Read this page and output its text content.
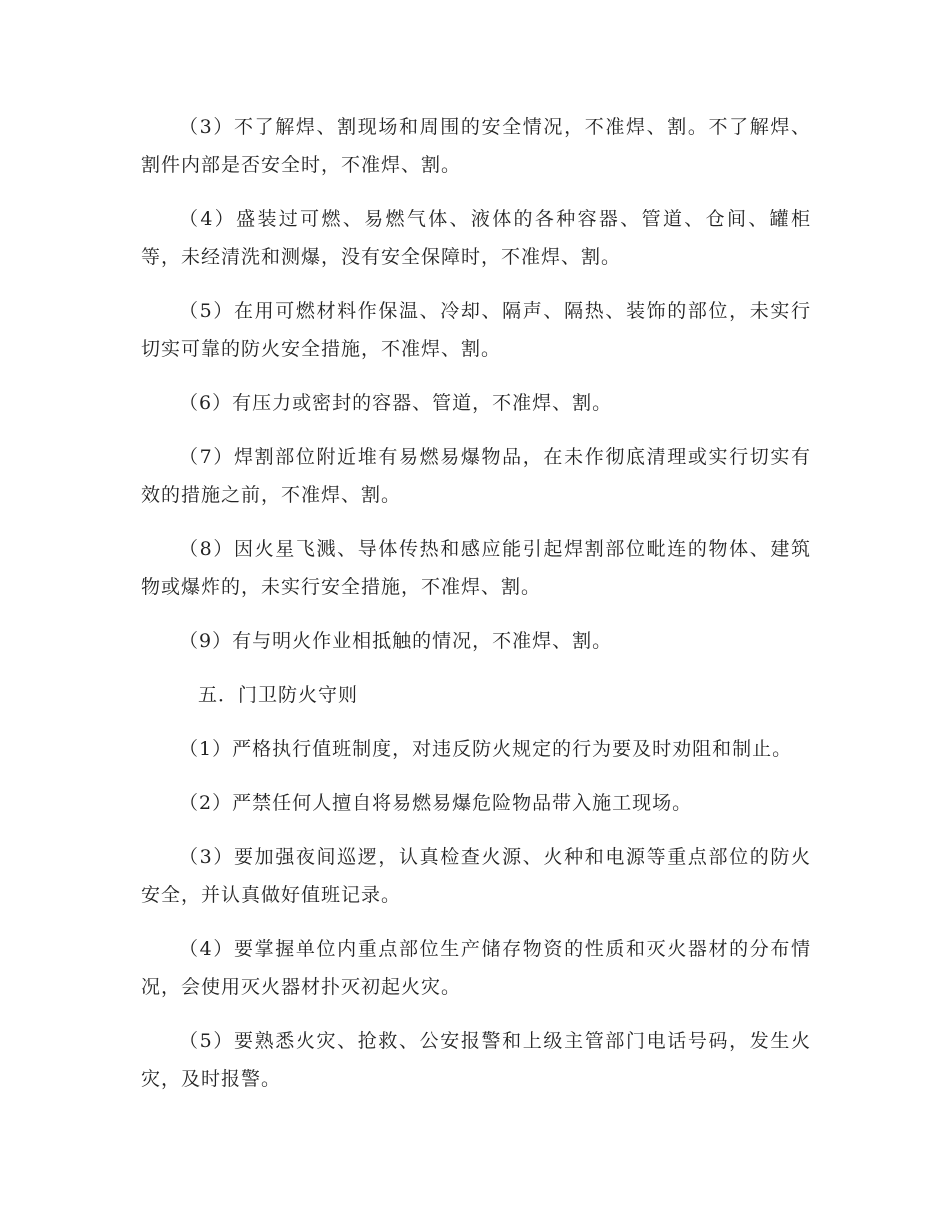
（3）不了解焊、割现场和周围的安全情况，不准焊、割。不了解焊、割件内部是否安全时，不准焊、割。

（4）盛装过可燃、易燃气体、液体的各种容器、管道、仓间、罐柜等，未经清洗和测爆，没有安全保障时，不准焊、割。

（5）在用可燃材料作保温、冷却、隔声、隔热、装饰的部位，未实行切实可靠的防火安全措施，不准焊、割。

（6）有压力或密封的容器、管道，不准焊、割。

（7）焊割部位附近堆有易燃易爆物品，在未作彻底清理或实行切实有效的措施之前，不准焊、割。

（8）因火星飞溅、导体传热和感应能引起焊割部位毗连的物体、建筑物或爆炸的，未实行安全措施，不准焊、割。

（9）有与明火作业相抵触的情况，不准焊、割。

五．门卫防火守则

（1）严格执行值班制度，对违反防火规定的行为要及时劝阻和制止。

（2）严禁任何人擅自将易燃易爆危险物品带入施工现场。

（3）要加强夜间巡逻，认真检查火源、火种和电源等重点部位的防火安全，并认真做好值班记录。

（4）要掌握单位内重点部位生产储存物资的性质和灭火器材的分布情况，会使用灭火器材扑灭初起火灾。

（5）要熟悉火灾、抢救、公安报警和上级主管部门电话号码，发生火灾，及时报警。
